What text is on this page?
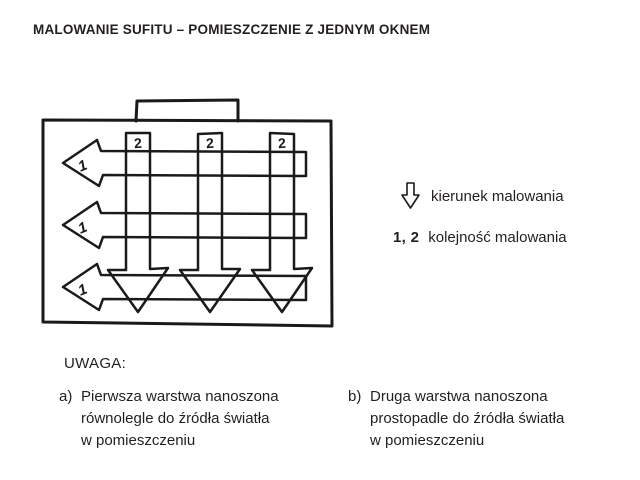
MALOWANIE SUFITU – POMIESZCZENIE Z JEDNYM OKNEM
1
1
1
2	2	2
kierunek malowania
1, 2 kolejność malowania
UWAGA:
a) Pierwsza warstwa nanoszona
równolegle do źródła światła
w pomieszczeniu
b) Druga warstwa nanoszona
prostopadle do źródła światła
w pomieszczeniu
